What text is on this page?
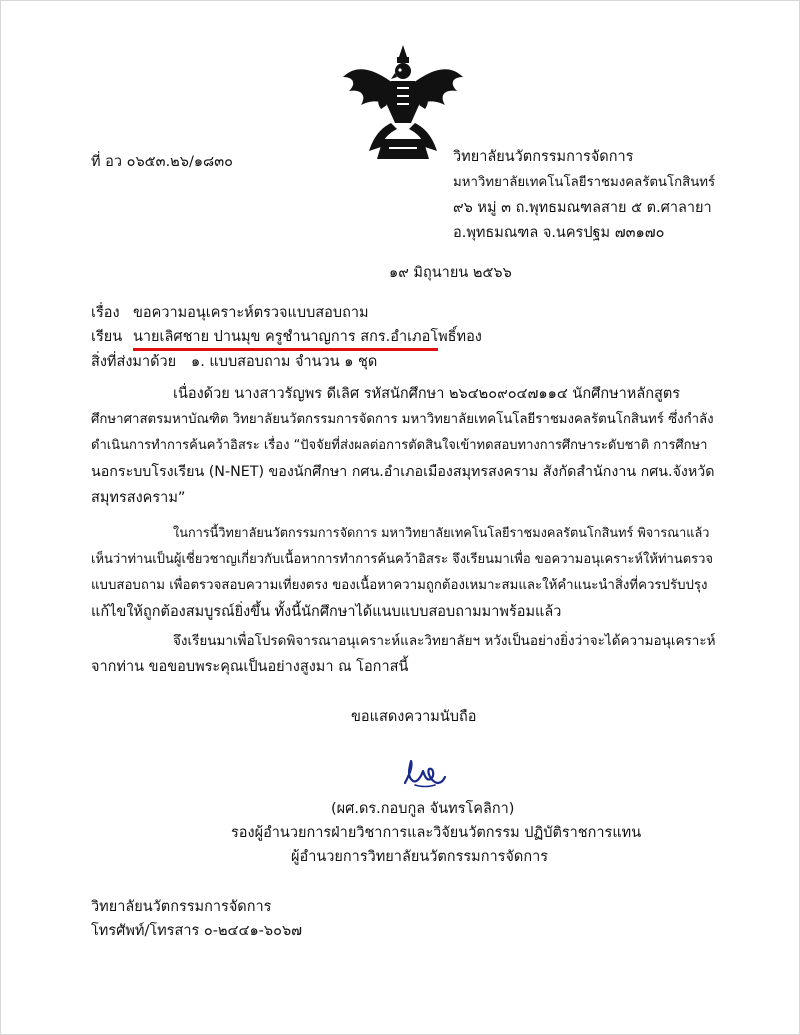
ที่ อว ๐๖๕๓.๒๖/๑๘๓๐	วิทยาลัยนวัตกรรมการจัดการ
มหาวิทยาลัยเทคโนโลยีราชมงคลรัตนโกสินทร์
๙๖ หมู่ ๓ ถ.พุทธมณฑลสาย ๕ ต.ศาลายา
อ.พุทธมณฑล จ.นครปฐม ๗๓๑๗๐
๑๙ มิถุนายน ๒๕๖๖
เรื่อง ขอความอนุเคราะห์ตรวจแบบสอบถาม
เรียน นายเลิศชาย ปานมุข ครูชำนาญการ สกร.อำเภอโพธิ์ทอง
สิ่งที่ส่งมาด้วย ๑. แบบสอบถาม จำนวน ๑ ชุด
เนื่องด้วย นางสาวรัญพร ดีเลิศ รหัสนักศึกษา ๒๖๔๒๐๙๐๔๗๑๑๔ นักศึกษาหลักสูตร
ศึกษาศาสตรมหาบัณฑิต วิทยาลัยนวัตกรรมการจัดการ มหาวิทยาลัยเทคโนโลยีราชมงคลรัตนโกสินทร์ ซึ่งกำลัง
ดำเนินการทำการค้นคว้าอิสระ เรื่อง “ปัจจัยที่ส่งผลต่อการตัดสินใจเข้าทดสอบทางการศึกษาระดับชาติ การศึกษา
นอกระบบโรงเรียน (N-NET) ของนักศึกษา กศน.อำเภอเมืองสมุทรสงคราม สังกัดสำนักงาน กศน.จังหวัด
สมุทรสงคราม”
ในการนี้วิทยาลัยนวัตกรรมการจัดการ มหาวิทยาลัยเทคโนโลยีราชมงคลรัตนโกสินทร์ พิจารณาแล้ว
เห็นว่าท่านเป็นผู้เชี่ยวชาญเกี่ยวกับเนื้อหาการทำการค้นคว้าอิสระ จึงเรียนมาเพื่อ ขอความอนุเคราะห์ให้ท่านตรวจ
แบบสอบถาม เพื่อตรวจสอบความเที่ยงตรง ของเนื้อหาความถูกต้องเหมาะสมและให้คำแนะนำสิ่งที่ควรปรับปรุง
แก้ไขให้ถูกต้องสมบูรณ์ยิ่งขึ้น ทั้งนี้นักศึกษาได้แนบแบบสอบถามมาพร้อมแล้ว
จึงเรียนมาเพื่อโปรดพิจารณาอนุเคราะห์และวิทยาลัยฯ หวังเป็นอย่างยิ่งว่าจะได้ความอนุเคราะห์
จากท่าน ขอขอบพระคุณเป็นอย่างสูงมา ณ โอกาสนี้
ขอแสดงความนับถือ
(ผศ.ดร.กอบกูล จันทรโคลิกา)
รองผู้อำนวยการฝ่ายวิชาการและวิจัยนวัตกรรม ปฏิบัติราชการแทน
ผู้อำนวยการวิทยาลัยนวัตกรรมการจัดการ
วิทยาลัยนวัตกรรมการจัดการ
โทรศัพท์/โทรสาร ๐-๒๔๔๑-๖๐๖๗
